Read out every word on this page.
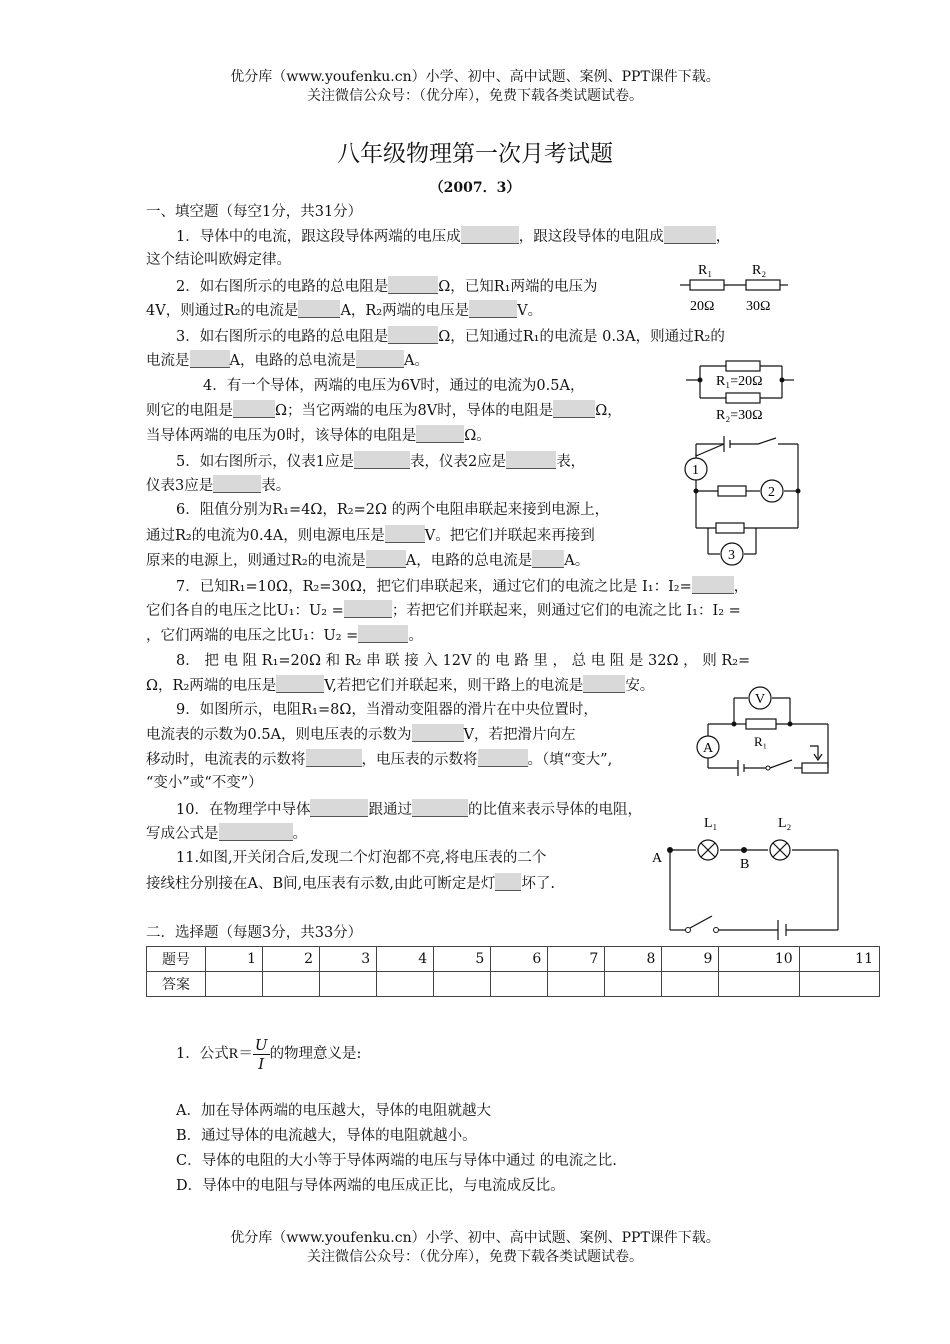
优分库（www.youfenku.cn）小学、初中、高中试题、案例、PPT课件下载。
关注微信公众号：（优分库），免费下载各类试题试卷。
八年级物理第一次月考试题
（2007．3）
一、填空题（每空1分，共31分）
1．导体中的电流，跟这段导体两端的电压成	，跟这段导体的电阻成	，
这个结论叫欧姆定律。
2．如右图所示的电路的总电阻是	Ω，已知R₁两端的电压为
4V，则通过R₂的电流是	A，R₂两端的电压是	V。
3．如右图所示的电路的总电阻是	Ω，已知通过R₁的电流是 0.3A，则通过R₂的
电流是	A，电路的总电流是	A。
4．有一个导体，两端的电压为6V时，通过的电流为0.5A，
则它的电阻是	Ω；当它两端的电压为8V时，导体的电阻是	Ω，
当导体两端的电压为0时，该导体的电阻是	Ω。
5．如右图所示，仪表1应是	表，仪表2应是	表，
仪表3应是	表。
6．阻值分别为R₁=4Ω，R₂=2Ω 的两个电阻串联起来接到电源上，
通过R₂的电流为0.4A，则电源电压是	V。把它们并联起来再接到
原来的电源上，则通过R₂的电流是	A，电路的总电流是 A。
7．已知R₁=10Ω，R₂=30Ω，把它们串联起来，通过它们的电流之比是 I₁：I₂=	，
它们各自的电压之比U₁：U₂ =	；若把它们并联起来，则通过它们的电流之比 I₁：I₂ =
，它们两端的电压之比U₁：U₂ =	。
8． 把 电 阻 R₁=20Ω 和 R₂ 串 联 接 入 12V 的 电 路 里 ， 总 电 阻 是 32Ω ， 则 R₂=
Ω，R₂两端的电压是	V,若把它们并联起来，则干路上的电流是	安。
9．如图所示，电阻R₁=8Ω，当滑动变阻器的滑片在中央位置时，
电流表的示数为0.5A，则电压表的示数为	V，若把滑片向左
移动时，电流表的示数将	，电压表的示数将	。（填“变大”,
“变小”或“不变”）
10．在物理学中导体	跟通过	的比值来表示导体的电阻，
写成公式是	。
11.如图,开关闭合后,发现二个灯泡都不亮,将电压表的二个
接线柱分别接在A、B间,电压表有示数,由此可断定是灯 坏了.
二．选择题（每题3分，共33分）
题号	1	2	3	4	5	6	7	8	9	10	11
答案											
1．公式$R= \frac{U}{I}$ 的物理意义是:
A．加在导体两端的电压越大，导体的电阻就越大
B．通过导体的电流越大，导体的电阻就越小。
C．导体的电阻的大小等于导体两端的电压与导体中通过 的电流之比.
D．导体中的电阻与导体两端的电压成正比，与电流成反比。
优分库（www.youfenku.cn）小学、初中、高中试题、案例、PPT课件下载。
关注微信公众号：（优分库），免费下载各类试题试卷。
R₁	R₂
20Ω 30Ω
R₁=20Ω
R₂=30Ω
1
2
3
V
A	R₁
L₁	L₂
A	B
